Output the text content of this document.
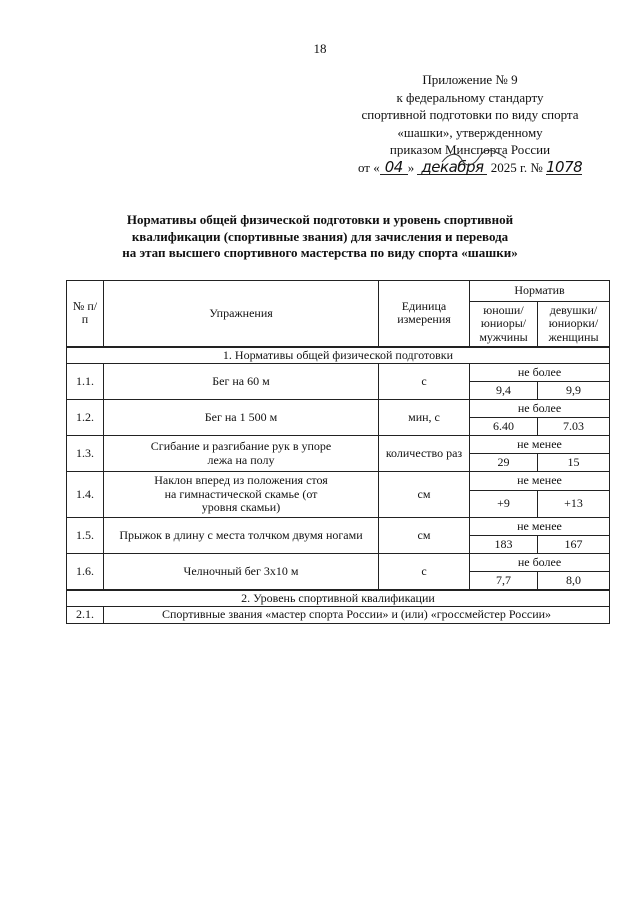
18
Приложение № 9
к федеральному стандарту
спортивной подготовки по виду спорта
«шашки», утвержденному
приказом Минспорта России
от « 04 » декабря 2025 г. № 1078
Нормативы общей физической подготовки и уровень спортивной
квалификации (спортивные звания) для зачисления и перевода
на этап высшего спортивного мастерства по виду спорта «шашки»
№ п/п	Упражнения	Единица измерения	Норматив	
			юноши/ юниоры/ мужчины	девушки/ юниорки/ женщины
1. Нормативы общей физической подготовки				
1.1.	Бег на 60 м	с	не более	
			9,4	9,9
1.2.	Бег на 1 500 м	мин, с	не более	
			6.40	7.03
1.3.	Сгибание и разгибание рук в упоре лежа на полу	количество раз	не менее	
			29	15
1.4.	Наклон вперед из положения стоя на гимнастической скамье (от уровня скамьи)	см	не менее	
			+9	+13
1.5.	Прыжок в длину с места толчком двумя ногами	см	не менее	
			183	167
1.6.	Челночный бег 3x10 м	с	не более	
			7,7	8,0
2. Уровень спортивной квалификации				
2.1.	Спортивные звания «мастер спорта России» и (или) «гроссмейстер России»			
